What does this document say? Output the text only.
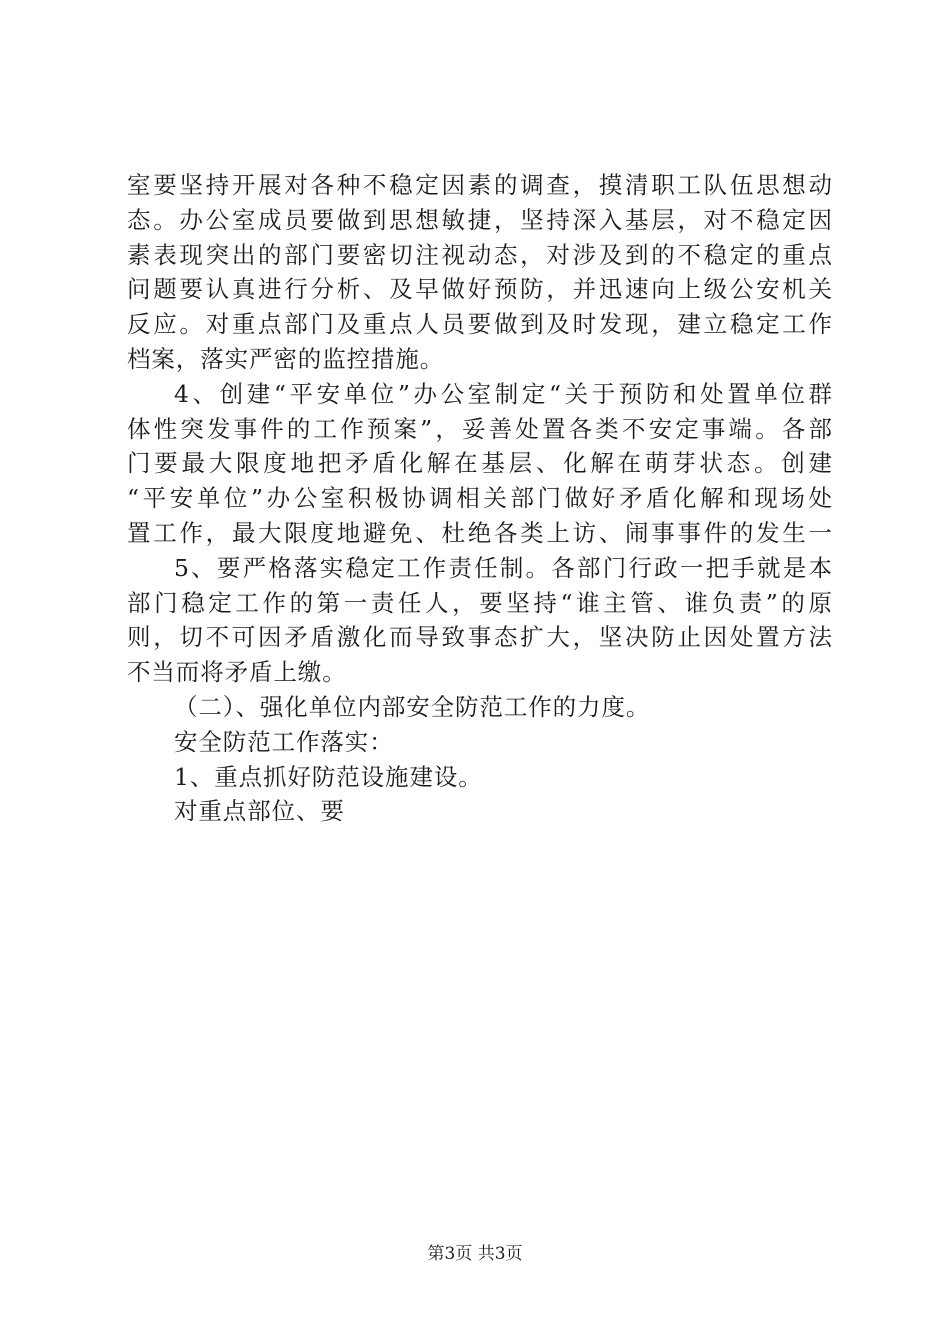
室要坚持开展对各种不稳定因素的调查，摸清职工队伍思想动
态。办公室成员要做到思想敏捷，坚持深入基层，对不稳定因
素表现突出的部门要密切注视动态，对涉及到的不稳定的重点
问题要认真进行分析、及早做好预防，并迅速向上级公安机关
反应。对重点部门及重点人员要做到及时发现，建立稳定工作
档案，落实严密的监控措施。
4、创建“平安单位”办公室制定“关于预防和处置单位群
体性突发事件的工作预案”，妥善处置各类不安定事端。各部
门要最大限度地把矛盾化解在基层、化解在萌芽状态。创建
“平安单位”办公室积极协调相关部门做好矛盾化解和现场处
置工作，最大限度地避免、杜绝各类上访、闹事事件的发生一
5、要严格落实稳定工作责任制。各部门行政一把手就是本
部门稳定工作的第一责任人，要坚持“谁主管、谁负责”的原
则，切不可因矛盾激化而导致事态扩大，坚决防止因处置方法
不当而将矛盾上缴。
（二）、强化单位内部安全防范工作的力度。
安全防范工作落实：
1、重点抓好防范设施建设。
对重点部位、要
第3页 共3页
